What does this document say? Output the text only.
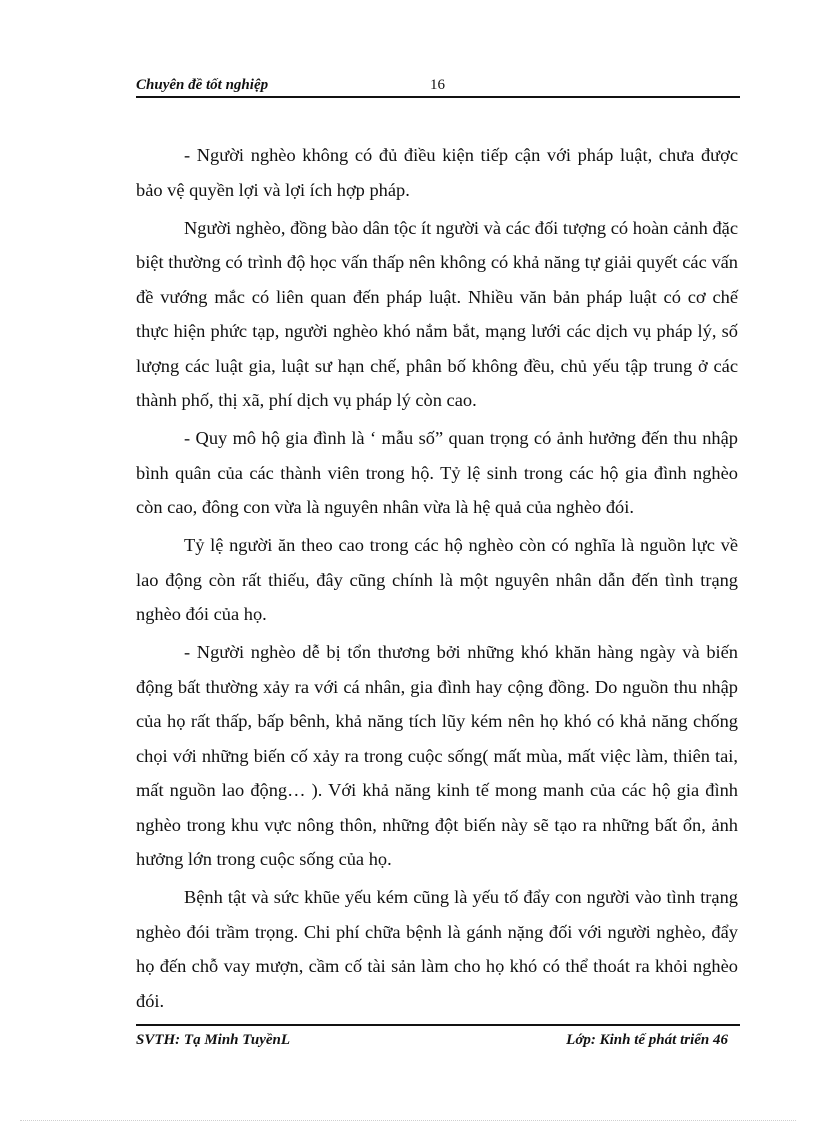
Chuyên đề tốt nghiệp	16

- Người nghèo không có đủ điều kiện tiếp cận với pháp luật, chưa được bảo vệ quyền lợi và lợi ích hợp pháp.

Người nghèo, đồng bào dân tộc ít người và các đối tượng có hoàn cảnh đặc biệt thường có trình độ học vấn thấp nên không có khả năng tự giải quyết các vấn đề vướng mắc có liên quan đến pháp luật. Nhiều văn bản pháp luật có cơ chế thực hiện phức tạp, người nghèo khó nắm bắt, mạng lưới các dịch vụ pháp lý, số lượng các luật gia, luật sư hạn chế, phân bố không đều, chủ yếu tập trung ở các thành phố, thị xã, phí dịch vụ pháp lý còn cao.

- Quy mô hộ gia đình là ‘ mẫu số” quan trọng có ảnh hưởng đến thu nhập bình quân của các thành viên trong hộ. Tỷ lệ sinh trong các hộ gia đình nghèo còn cao, đông con vừa là nguyên nhân vừa là hệ quả của nghèo đói.

Tỷ lệ người ăn theo cao trong các hộ nghèo còn có nghĩa là nguồn lực về lao động còn rất thiếu, đây cũng chính là một nguyên nhân dẫn đến tình trạng nghèo đói của họ.

- Người nghèo dễ bị tổn thương bởi những khó khăn hàng ngày và biến động bất thường xảy ra với cá nhân, gia đình hay cộng đồng. Do nguồn thu nhập của họ rất thấp, bấp bênh, khả năng tích lũy kém nên họ khó có khả năng chống chọi với những biến cố xảy ra trong cuộc sống( mất mùa, mất việc làm, thiên tai, mất nguồn lao động… ). Với khả năng kinh tế mong manh của các hộ gia đình nghèo trong khu vực nông thôn, những đột biến này sẽ tạo ra những bất ổn, ảnh hưởng lớn trong cuộc sống của họ.

Bệnh tật và sức khũe yếu kém cũng là yếu tố đẩy con người vào tình trạng nghèo đói trầm trọng. Chi phí chữa bệnh là gánh nặng đối với người nghèo, đẩy họ đến chỗ vay mượn, cầm cố tài sản làm cho họ khó có thể thoát ra khỏi nghèo đói.

SVTH: Tạ Minh TuyềnL	Lớp: Kinh tế phát triển 46
